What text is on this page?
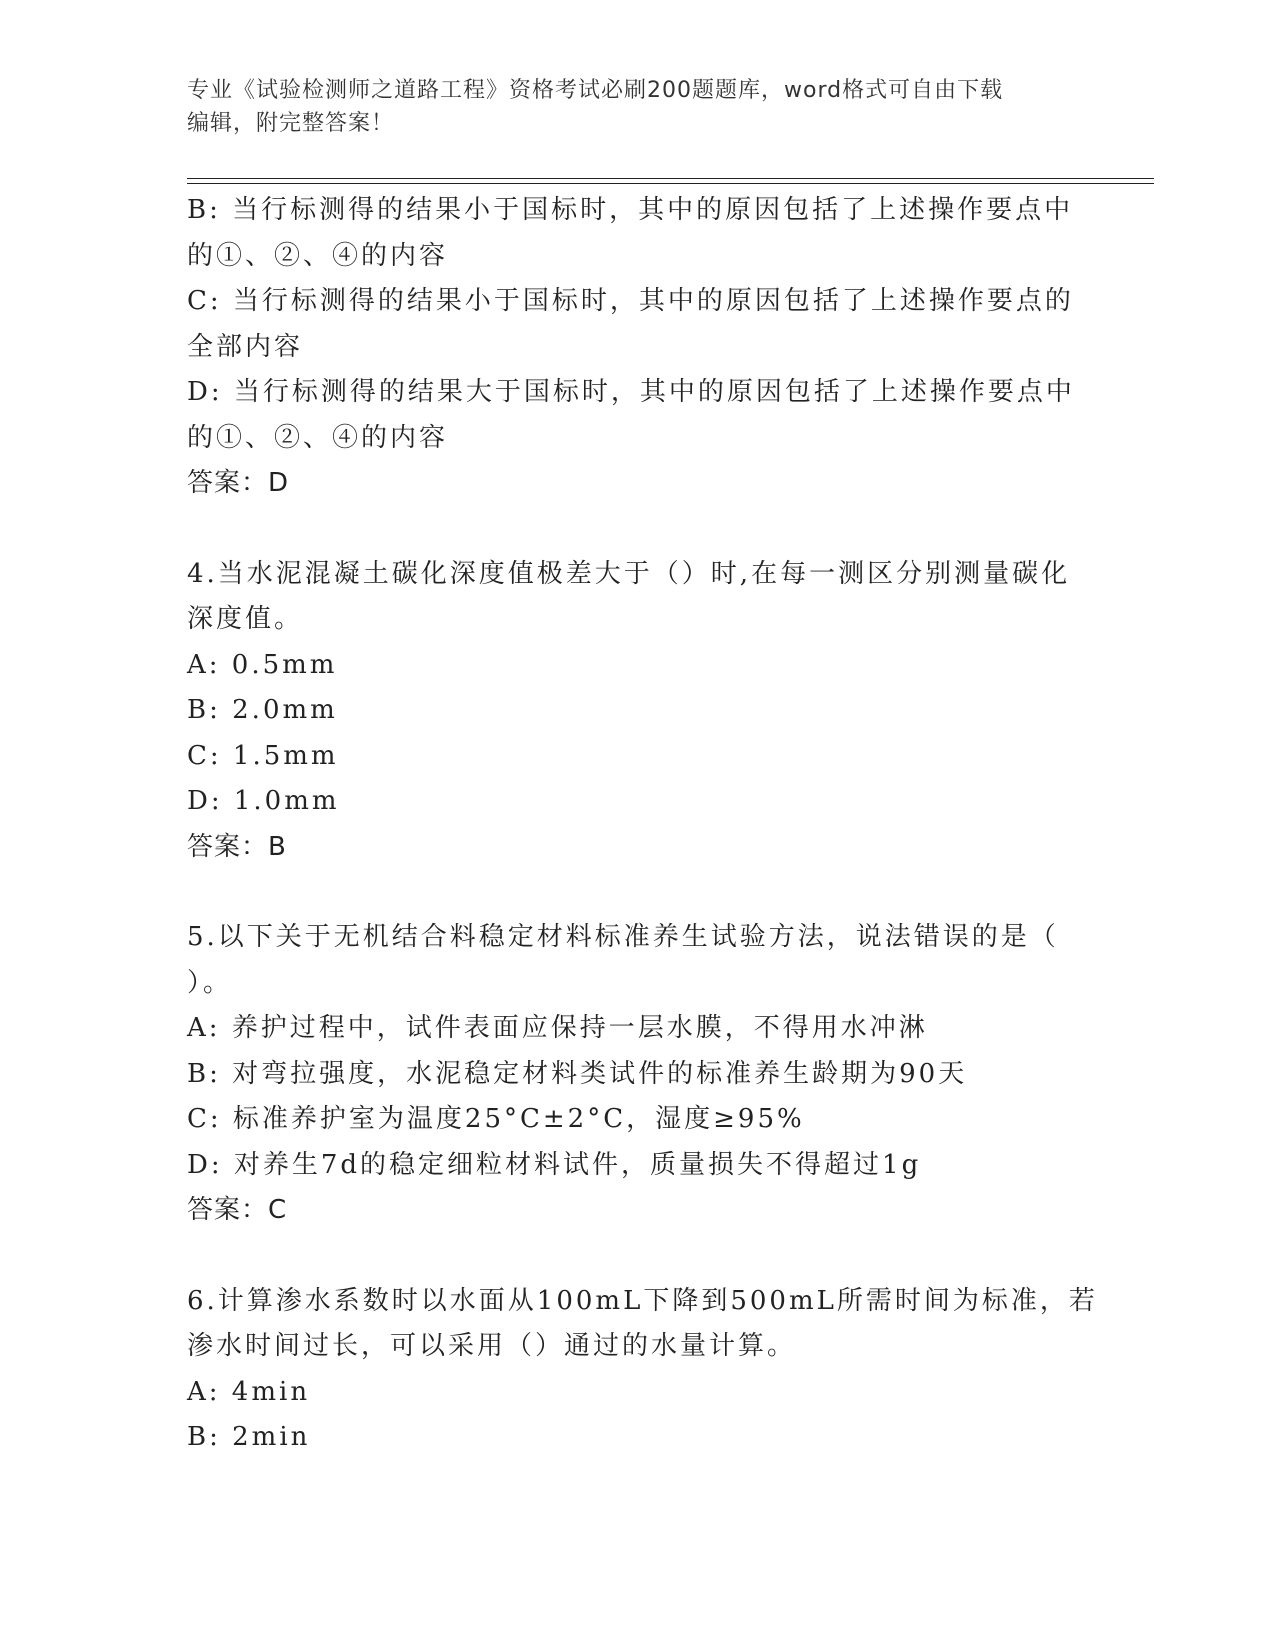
专业《试验检测师之道路工程》资格考试必刷200题题库，word格式可自由下载
编辑，附完整答案！
B: 当行标测得的结果小于国标时，其中的原因包括了上述操作要点中
的①、②、④的内容
C: 当行标测得的结果小于国标时，其中的原因包括了上述操作要点的
全部内容
D: 当行标测得的结果大于国标时，其中的原因包括了上述操作要点中
的①、②、④的内容
答案：D
4.当水泥混凝土碳化深度值极差大于（）时,在每一测区分别测量碳化
深度值。
A: 0.5mm
B: 2.0mm
C: 1.5mm
D: 1.0mm
答案：B
5.以下关于无机结合料稳定材料标准养生试验方法，说法错误的是（
）。
A: 养护过程中，试件表面应保持一层水膜，不得用水冲淋
B: 对弯拉强度，水泥稳定材料类试件的标准养生龄期为90天
C: 标准养护室为温度25°C±2°C，湿度≥95%
D: 对养生7d的稳定细粒材料试件，质量损失不得超过1g
答案：C
6.计算渗水系数时以水面从100mL下降到500mL所需时间为标准，若
渗水时间过长，可以采用（）通过的水量计算。
A: 4min
B: 2min
